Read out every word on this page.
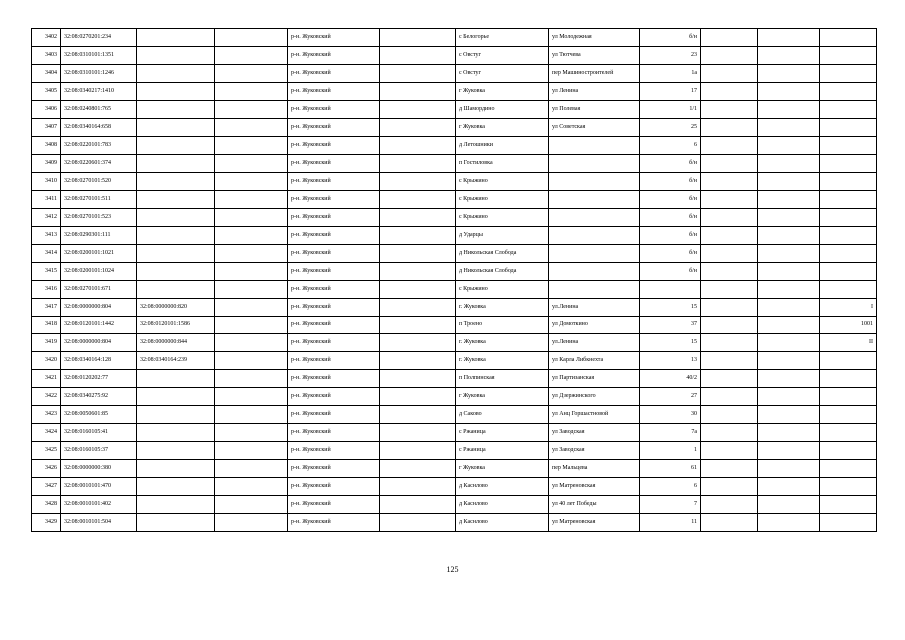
3402	32:08:0270201:234			р-н. Жуковский		с Белогорье	ул Молодежная	б/н			
3403	32:08:0310101:1351			р-н. Жуковский		с Овстуг	ул Тютчева	23			
3404	32:08:0310101:1246			р-н. Жуковский		с Овстуг	пер Машиностроителей	1а			
3405	32:08:0340217:1410			р-н. Жуковский		г Жуковка	ул Ленина	17			
3406	32:08:0240801:765			р-н. Жуковский		д Шамордино	ул Полевая	1/1			
3407	32:08:0340164:658			р-н. Жуковский		г Жуковка	ул Советская	25			
3408	32:08:0220101:783			р-н. Жуковский		д Летошники		6			
3409	32:08:0220601:374			р-н. Жуковский		п Гостиловка		б/н			
3410	32:08:0270101:520			р-н. Жуковский		с Крыжино		б/н			
3411	32:08:0270101:511			р-н. Жуковский		с Крыжино		б/н			
3412	32:08:0270101:523			р-н. Жуковский		с Крыжино		б/н			
3413	32:08:0290301:111			р-н. Жуковский		д Ударцы		б/н			
3414	32:08:0200101:1021			р-н. Жуковский		д Никольская Слобода		б/н			
3415	32:08:0200101:1024			р-н. Жуковский		д Никольская Слобода		б/н			
3416	32:08:0270101:671			р-н. Жуковский		с Крыжино					
3417	32:08:0000000:804	32:08:0000000:820		р-н. Жуковский		г. Жуковка	ул.Ленина	15			I
3418	32:08:0120101:1442	32:08:0120101:1586		р-н. Жуковский		п Троено	ул Домоткино	37			1001
3419	32:08:0000000:804	32:08:0000000:844		р-н. Жуковский		г. Жуковка	ул.Ленина	15			II
3420	32:08:0340164:128	32:08:0340164:239		р-н. Жуковский		г. Жуковка	ул Карла Либкнехта	13			
3421	32:08:0120202:77			р-н. Жуковский		п Полпинская	ул Партизанская	40/2			
3422	32:08:0340275:92			р-н. Жуковский		г Жуковка	ул Дзержинского	27			
3423	32:08:0050601:85			р-н. Жуковский		д Саково	ул Анц Горшастновой	30			
3424	32:08:0160105:41			р-н. Жуковский		с Ржаница	ул Заводская	7а			
3425	32:08:0160105:37			р-н. Жуковский		с Ржаница	ул Заводская	1			
3426	32:08:0000000:380			р-н. Жуковский		г Жуковка	пер Мальцева	61			
3427	32:08:0010101:470			р-н. Жуковский		д Каснлово	ул Матреновская	6			
3428	32:08:0010101:402			р-н. Жуковский		д Каснлово	ул 40 лет Победы	7			
3429	32:08:0010101:504			р-н. Жуковский		д Каснлово	ул Матреновская	11			
125
